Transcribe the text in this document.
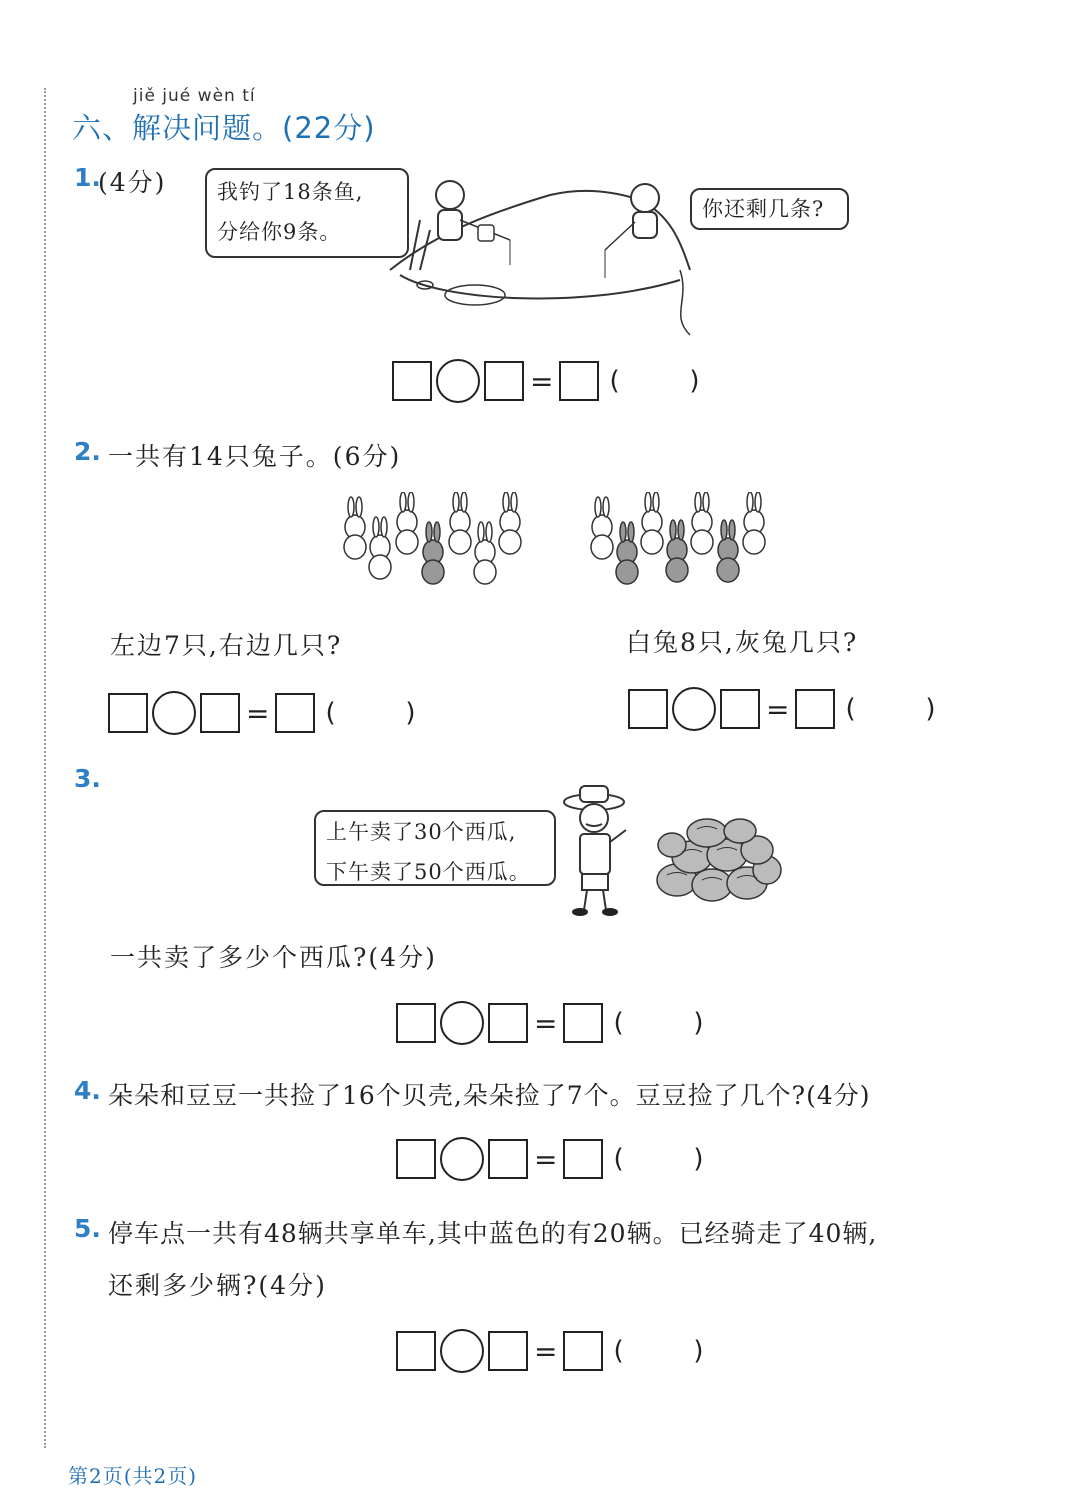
jiě jué wèn tí
六、解决问题。(22分)
1.
(4分) 我钓了18条鱼,
分给你9条。
你还剩几条?
= (	)
2. 一共有14只兔子。(6分)
左边7只,右边几只?	白兔8只,灰兔几只?
= (	)	= (	)
3.
上午卖了30个西瓜,
下午卖了50个西瓜。
一共卖了多少个西瓜?(4分)
= (	)
4. 朵朵和豆豆一共捡了16个贝壳,朵朵捡了7个。豆豆捡了几个?(4分)
= (	)
5. 停车点一共有48辆共享单车,其中蓝色的有20辆。已经骑走了40辆,
还剩多少辆?(4分)
= (	)
第2页(共2页)
